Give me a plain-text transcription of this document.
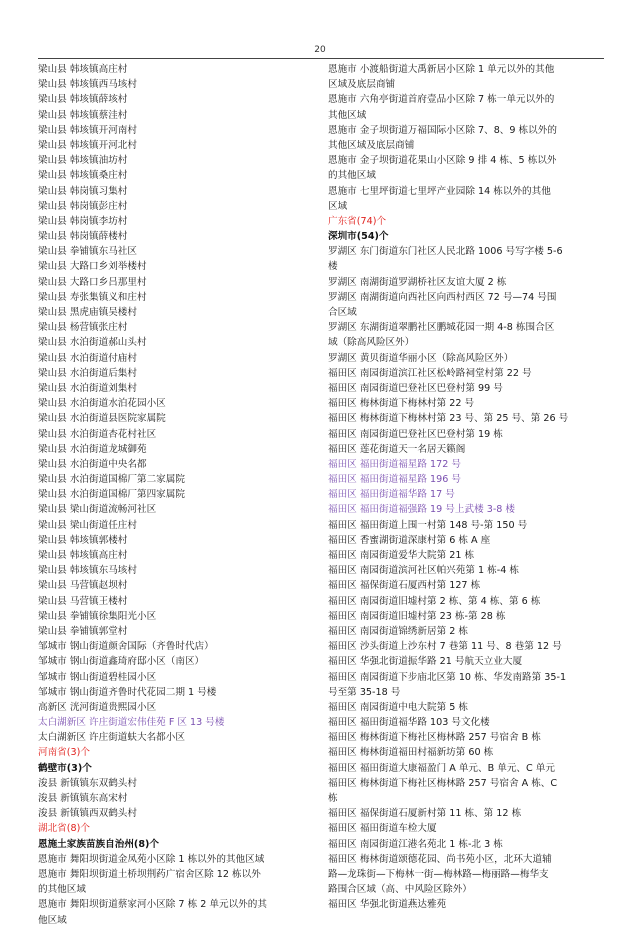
20
梁山县 韩垓镇高庄村
梁山县 韩垓镇西马垓村
梁山县 韩垓镇薛垓村
梁山县 韩垓镇蔡洼村
梁山县 韩垓镇开河南村
梁山县 韩垓镇开河北村
梁山县 韩垓镇油坊村
梁山县 韩垓镇桑庄村
梁山县 韩岗镇习集村
梁山县 韩岗镇彭庄村
梁山县 韩岗镇李坊村
梁山县 韩岗镇薛楼村
梁山县 拳铺镇东马社区
梁山县 大路口乡刘举楼村
梁山县 大路口乡吕那里村
梁山县 寿张集镇义和庄村
梁山县 黑虎庙镇吴楼村
梁山县 杨营镇张庄村
梁山县 水泊街道郝山头村
梁山县 水泊街道付庙村
梁山县 水泊街道后集村
梁山县 水泊街道刘集村
梁山县 水泊街道水泊花园小区
梁山县 水泊街道县医院家属院
梁山县 水泊街道杏花村社区
梁山县 水泊街道龙城御苑
梁山县 水泊街道中央名都
梁山县 水泊街道国棉厂第二家属院
梁山县 水泊街道国棉厂第四家属院
梁山县 梁山街道流畅河社区
梁山县 梁山街道任庄村
梁山县 韩垓镇郭楼村
梁山县 韩垓镇高庄村
梁山县 韩垓镇东马垓村
梁山县 马营镇赵坝村
梁山县 马营镇王楼村
梁山县 拳铺镇徐集阳光小区
梁山县 拳铺镇郭堂村
邹城市 钢山街道颜舍国际（齐鲁时代店）
邹城市 钢山街道鑫琦府邸小区（南区）
邹城市 钢山街道碧桂园小区
邹城市 钢山街道齐鲁时代花园二期 1 号楼
高新区 洸河街道贵熙园小区
太白湖新区 许庄街道宏伟佳苑 F 区 13 号楼
太白湖新区 许庄街道蚨大名都小区
河南省(3)个
鹤壁市(3)个
浚县 新镇镇东双鹤头村
浚县 新镇镇东高宋村
浚县 新镇镇西双鹤头村
湖北省(8)个
恩施土家族苗族自治州(8)个
恩施市 舞阳坝街道金凤苑小区除 1 栋以外的其他区域
恩施市 舞阳坝街道土桥坝荆药广宿舍区除 12 栋以外
的其他区域
恩施市 舞阳坝街道蔡家河小区除 7 栋 2 单元以外的其
他区域
恩施市 小渡船街道大禹新居小区除 1 单元以外的其他
区域及底层商铺
恩施市 六角亭街道首府壹品小区除 7 栋一单元以外的
其他区域
恩施市 金子坝街道万福国际小区除 7、8、9 栋以外的
其他区域及底层商铺
恩施市 金子坝街道花果山小区除 9 排 4 栋、5 栋以外
的其他区域
恩施市 七里坪街道七里坪产业园除 14 栋以外的其他
区域
广东省(74)个
深圳市(54)个
罗湖区 东门街道东门社区人民北路 1006 号写字楼 5-6
楼
罗湖区 南湖街道罗湖桥社区友谊大厦 2 栋
罗湖区 南湖街道向西社区向西村西区 72 号—74 号围
合区域
罗湖区 东湖街道翠鹏社区鹏城花园一期 4-8 栋围合区
域（除高风险区外）
罗湖区 黄贝街道华丽小区（除高风险区外）
福田区 南园街道滨江社区松岭路祠堂村第 22 号
福田区 南园街道巴登社区巴登村第 99 号
福田区 梅林街道下梅林村第 22 号
福田区 梅林街道下梅林村第 23 号、第 25 号、第 26 号
福田区 南园街道巴登社区巴登村第 19 栋
福田区 莲花街道天一名居天籁阁
福田区 福田街道福星路 172 号
福田区 福田街道福星路 196 号
福田区 福田街道福华路 17 号
福田区 福田街道福强路 19 号上武楼 3-8 楼
福田区 福田街道上围一村第 148 号-第 150 号
福田区 香蜜湖街道深康村第 6 栋 A 座
福田区 南园街道爱华大院第 21 栋
福田区 南园街道滨河社区帕兴苑第 1 栋-4 栋
福田区 福保街道石厦西村第 127 栋
福田区 南园街道旧墟村第 2 栋、第 4 栋、第 6 栋
福田区 南园街道旧墟村第 23 栋-第 28 栋
福田区 南园街道锦绣新居第 2 栋
福田区 沙头街道上沙东村 7 巷第 11 号、8 巷第 12 号
福田区 华强北街道振华路 21 号航天立业大厦
福田区 南园街道下步庙北区第 10 栋、华发南路第 35-1
号至第 35-18 号
福田区 南园街道中电大院第 5 栋
福田区 福田街道福华路 103 号文化楼
福田区 梅林街道下梅社区梅林路 257 号宿舍 B 栋
福田区 梅林街道福田村福新坊第 60 栋
福田区 福田街道大康福盈门 A 单元、B 单元、C 单元
福田区 梅林街道下梅社区梅林路 257 号宿舍 A 栋、C
栋
福田区 福保街道石厦新村第 11 栋、第 12 栋
福田区 福田街道车检大厦
福田区 南园街道江港名苑北 1 栋-北 3 栋
福田区 梅林街道颂德花园、尚书苑小区，北环大道辅
路—龙珠街—下梅林一街—梅林路—梅丽路—梅华支
路围合区域（高、中风险区除外）
福田区 华强北街道燕达雅苑
